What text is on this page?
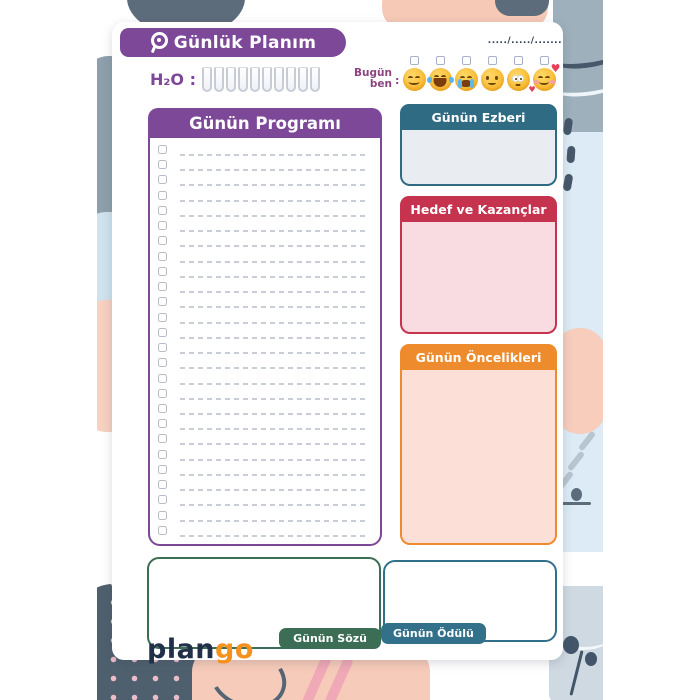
Günlük Planım	...../...../.......
H₂O :	Bugün
ben :
♥
♥
Günün Programı	Günün Ezberi
Hedef ve Kazançlar
Günün Öncelikleri
Günün Sözü	Günün Ödülü
plango
